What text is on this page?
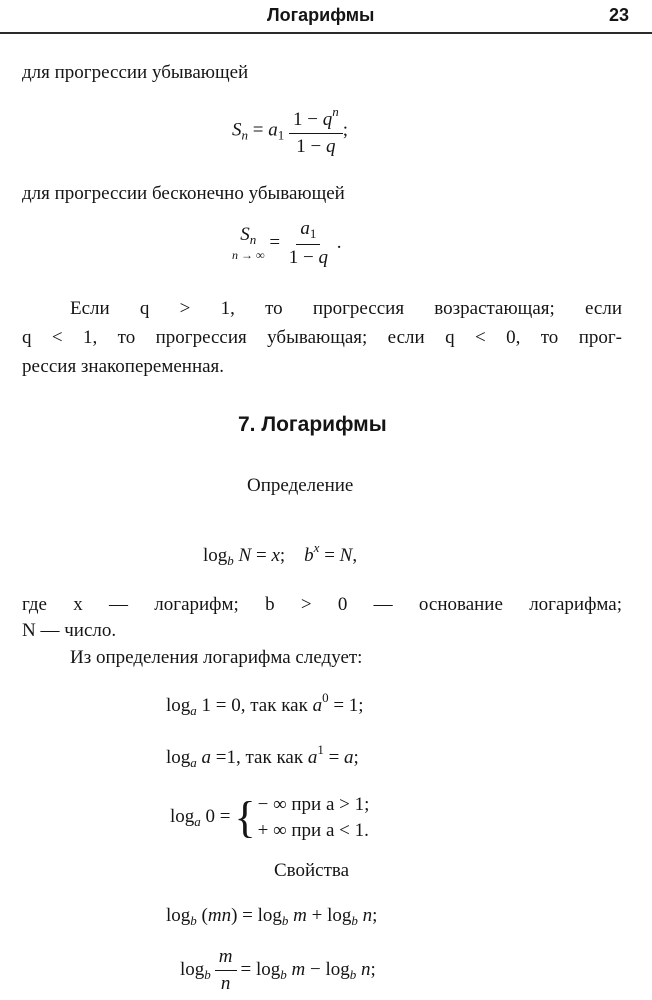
Логарифмы	23
для прогрессии убывающей
$S_n = a_1 \frac{1 - q^n}{1 - q}$ ;
для прогрессии бесконечно убывающей
$S_n$
n → ∞
= $\frac{a_1}{1 - q}$ .
Если q > 1, то прогрессия возрастающая; если
q < 1, то прогрессия убывающая; если q < 0, то прог-
рессия знакопеременная.
7. Логарифмы
Определение
$\log_b N = x$;    $b^x = N$,
где x — логарифм; b > 0 — основание логарифма;
N — число.
Из определения логарифма следует:
$\log_a 1 = 0$, так как $a^0 = 1$;
$\log_a a =1$, так как $a^1 = a$;
$\log_a 0$ = { − ∞ при a > 1;
+ ∞ при a < 1.
Свойства
$\log_b (mn) = \log_b m + \log_b n$;
$\log_b \frac{m}{n} = \log_b m - \log_b n$;
